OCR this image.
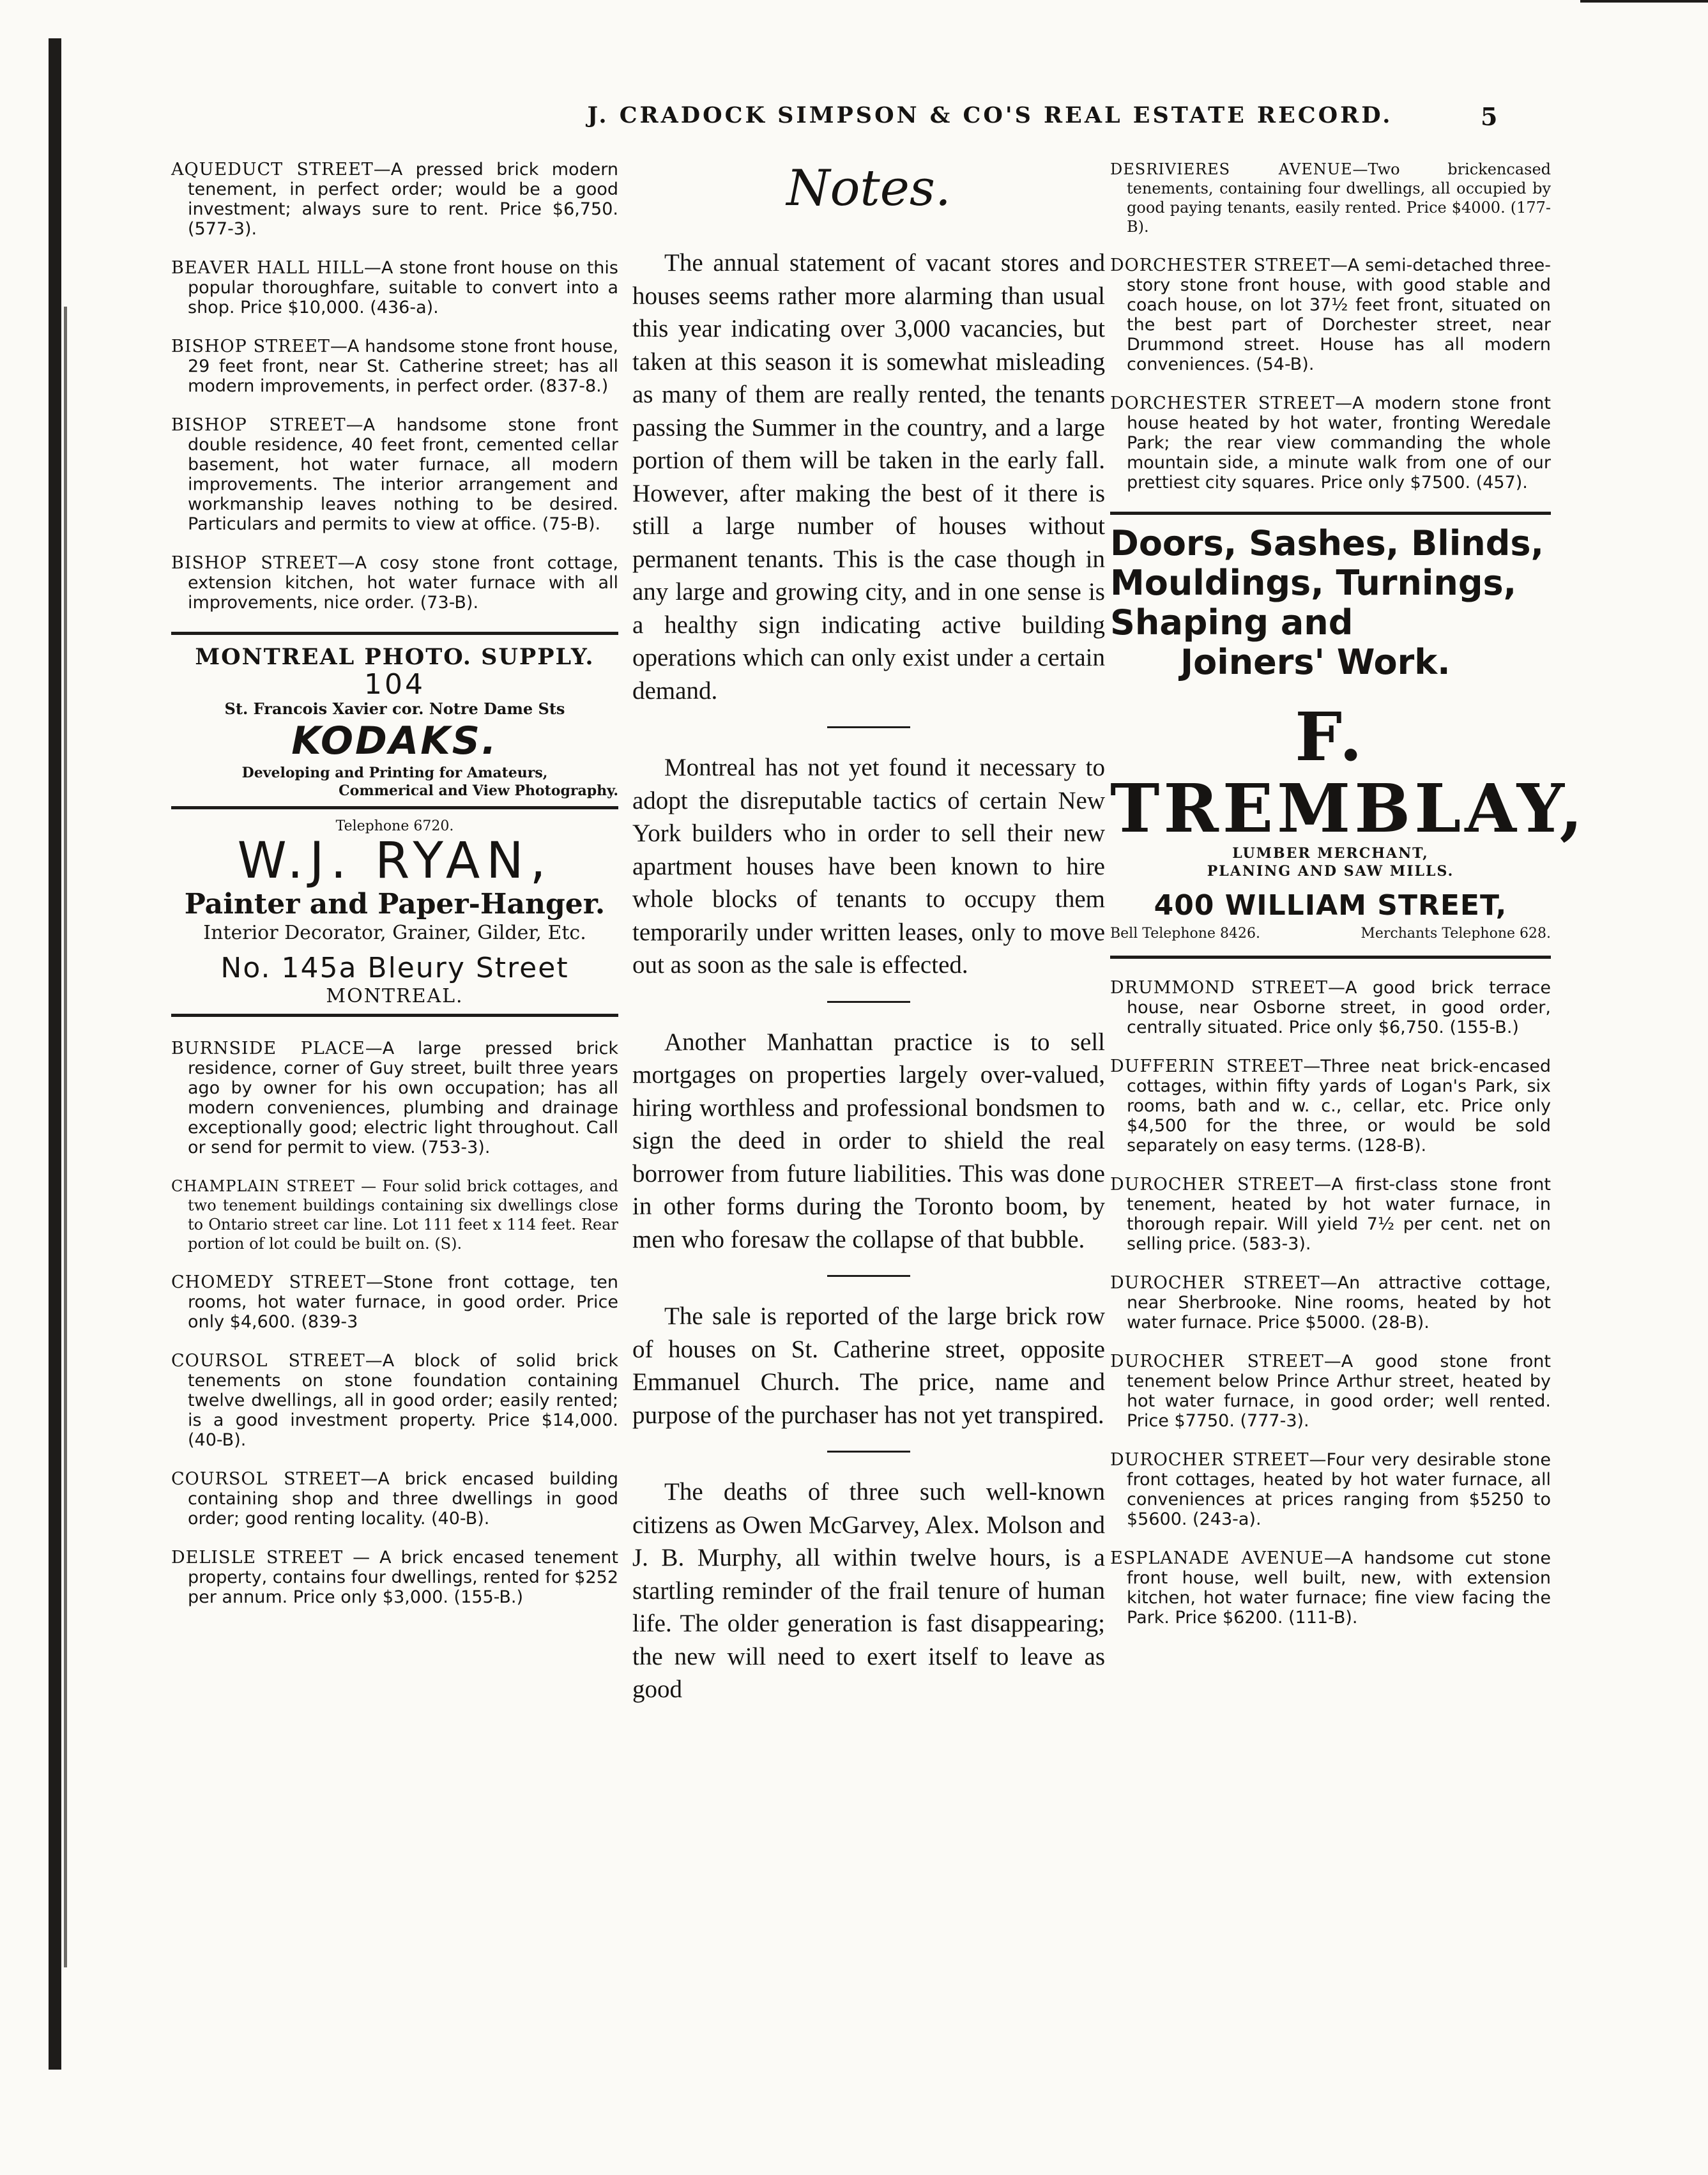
J. CRADOCK SIMPSON & CO'S REAL ESTATE RECORD.	5

AQUEDUCT STREET—A pressed brick modern tenement, in perfect order; would be a good investment; always sure to rent. Price $6,750. (577-3).

BEAVER HALL HILL—A stone front house on this popular thoroughfare, suitable to convert into a shop. Price $10,000. (436-a).

BISHOP STREET—A handsome stone front house, 29 feet front, near St. Catherine street; has all modern improvements, in perfect order. (837-8.)

BISHOP STREET—A handsome stone front double residence, 40 feet front, cemented cellar basement, hot water furnace, all modern improvements. The interior arrangement and workmanship leaves nothing to be desired. Particulars and permits to view at office. (75-B).

BISHOP STREET—A cosy stone front cottage, extension kitchen, hot water furnace with all improvements, nice order. (73-B).

MONTREAL PHOTO. SUPPLY.
104
St. Francois Xavier cor. Notre Dame Sts
KODAKS.
Developing and Printing for Amateurs,
Commerical and View Photography.
Telephone 6720.
W.J. RYAN,
Painter and Paper-Hanger.
Interior Decorator, Grainer, Gilder, Etc.
No. 145a Bleury Street
MONTREAL.

BURNSIDE PLACE—A large pressed brick residence, corner of Guy street, built three years ago by owner for his own occupation; has all modern conveniences, plumbing and drainage exceptionally good; electric light throughout. Call or send for permit to view. (753-3).

CHAMPLAIN STREET — Four solid brick cottages, and two tenement buildings containing six dwellings close to Ontario street car line. Lot 111 feet x 114 feet. Rear portion of lot could be built on. (S).

CHOMEDY STREET—Stone front cottage, ten rooms, hot water furnace, in good order. Price only $4,600. (839-3

COURSOL STREET—A block of solid brick tenements on stone foundation containing twelve dwellings, all in good order; easily rented; is a good investment property. Price $14,000. (40-B).

COURSOL STREET—A brick encased building containing shop and three dwellings in good order; good renting locality. (40-B).

DELISLE STREET — A brick encased tenement property, contains four dwellings, rented for $252 per annum. Price only $3,000. (155-B.)

Notes.

The annual statement of vacant stores and houses seems rather more alarming than usual this year indicating over 3,000 vacancies, but taken at this season it is somewhat misleading as many of them are really rented, the tenants passing the Summer in the country, and a large portion of them will be taken in the early fall. However, after making the best of it there is still a large number of houses without permanent tenants. This is the case though in any large and growing city, and in one sense is a healthy sign indicating active building operations which can only exist under a certain demand.

Montreal has not yet found it necessary to adopt the disreputable tactics of certain New York builders who in order to sell their new apartment houses have been known to hire whole blocks of tenants to occupy them temporarily under written leases, only to move out as soon as the sale is effected.

Another Manhattan practice is to sell mortgages on properties largely over-valued, hiring worthless and professional bondsmen to sign the deed in order to shield the real borrower from future liabilities. This was done in other forms during the Toronto boom, by men who foresaw the collapse of that bubble.

The sale is reported of the large brick row of houses on St. Catherine street, opposite Emmanuel Church. The price, name and purpose of the purchaser has not yet transpired.

The deaths of three such well-known citizens as Owen McGarvey, Alex. Molson and J. B. Murphy, all within twelve hours, is a startling reminder of the frail tenure of human life. The older generation is fast disappearing; the new will need to exert itself to leave as good

DESRIVIERES AVENUE—Two brickencased tenements, containing four dwellings, all occupied by good paying tenants, easily rented. Price $4000. (177-B).

DORCHESTER STREET—A semi-detached three-story stone front house, with good stable and coach house, on lot 37½ feet front, situated on the best part of Dorchester street, near Drummond street. House has all modern conveniences. (54-B).

DORCHESTER STREET—A modern stone front house heated by hot water, fronting Weredale Park; the rear view commanding the whole mountain side, a minute walk from one of our prettiest city squares. Price only $7500. (457).

Doors, Sashes, Blinds,
Mouldings, Turnings,
Shaping and
Joiners' Work.
F. TREMBLAY,
LUMBER MERCHANT,
PLANING AND SAW MILLS.
400 WILLIAM STREET,
Bell Telephone 8426.	Merchants Telephone 628.

DRUMMOND STREET—A good brick terrace house, near Osborne street, in good order, centrally situated. Price only $6,750. (155-B.)

DUFFERIN STREET—Three neat brick-encased cottages, within fifty yards of Logan's Park, six rooms, bath and w. c., cellar, etc. Price only $4,500 for the three, or would be sold separately on easy terms. (128-B).

DUROCHER STREET—A first-class stone front tenement, heated by hot water furnace, in thorough repair. Will yield 7½ per cent. net on selling price. (583-3).

DUROCHER STREET—An attractive cottage, near Sherbrooke. Nine rooms, heated by hot water furnace. Price $5000. (28-B).

DUROCHER STREET—A good stone front tenement below Prince Arthur street, heated by hot water furnace, in good order; well rented. Price $7750. (777-3).

DUROCHER STREET—Four very desirable stone front cottages, heated by hot water furnace, all conveniences at prices ranging from $5250 to $5600. (243-a).

ESPLANADE AVENUE—A handsome cut stone front house, well built, new, with extension kitchen, hot water furnace; fine view facing the Park. Price $6200. (111-B).
